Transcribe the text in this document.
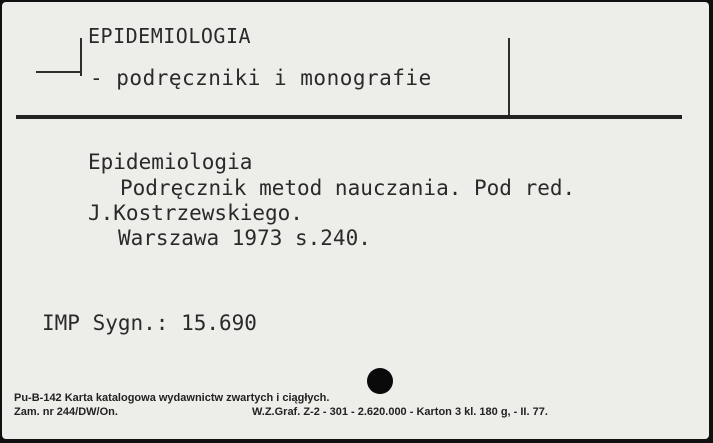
EPIDEMIOLOGIA
- podręczniki i monografie
Epidemiologia
Podręcznik metod nauczania. Pod red.
J.Kostrzewskiego.
Warszawa 1973 s.240.
IMP Sygn.: 15.690
Pu-B-142 Karta katalogowa wydawnictw zwartych i ciągłych.
Zam. nr 244/DW/On.	W.Z.Graf. Z-2 - 301 - 2.620.000 - Karton 3 kl. 180 g, - II. 77.
